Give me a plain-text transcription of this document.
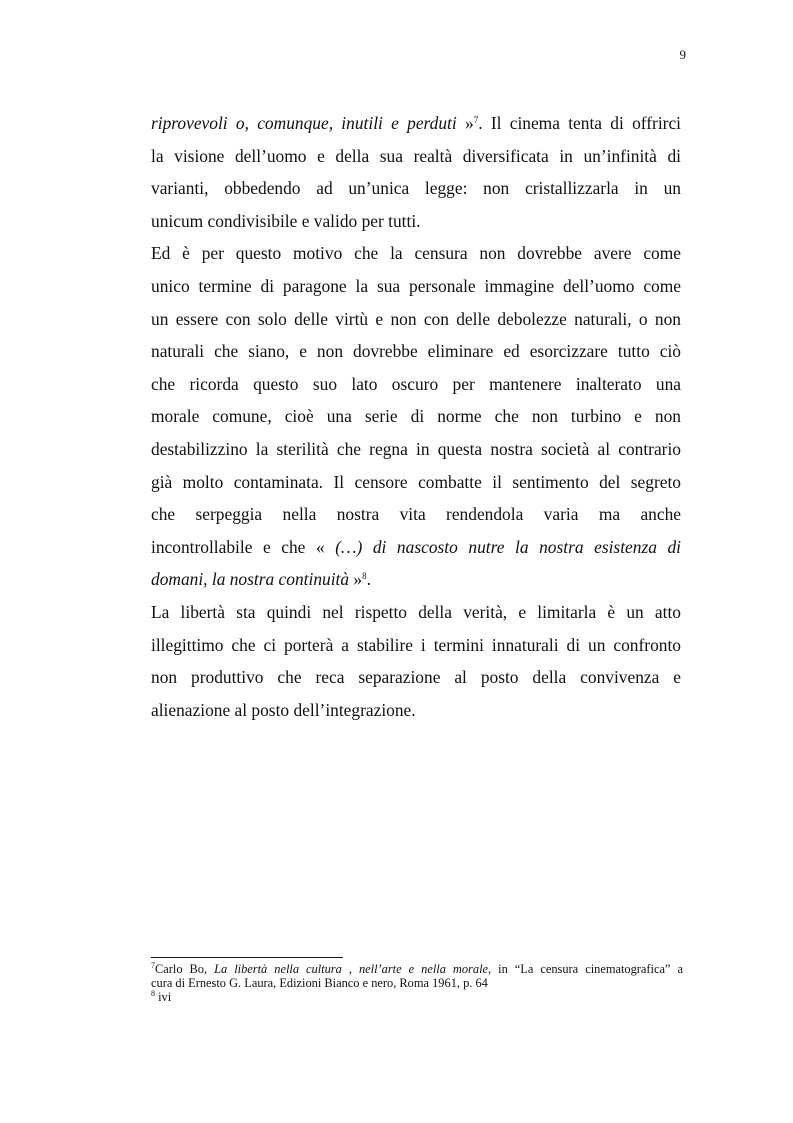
9
riprovevoli o, comunque, inutili e perduti »$^7$. Il cinema tenta di offrirci
la visione dell’uomo e della sua realtà diversificata in un’infinità di
varianti, obbedendo ad un’unica legge: non cristallizzarla in un
unicum condivisibile e valido per tutti.
Ed è per questo motivo che la censura non dovrebbe avere come
unico termine di paragone la sua personale immagine dell’uomo come
un essere con solo delle virtù e non con delle debolezze naturali, o non
naturali che siano, e non dovrebbe eliminare ed esorcizzare tutto ciò
che ricorda questo suo lato oscuro per mantenere inalterato una
morale comune, cioè una serie di norme che non turbino e non
destabilizzino la sterilità che regna in questa nostra società al contrario
già molto contaminata. Il censore combatte il sentimento del segreto
che serpeggia nella nostra vita rendendola varia ma anche
incontrollabile e che « (…) di nascosto nutre la nostra esistenza di
domani, la nostra continuità »$^8$.
La libertà sta quindi nel rispetto della verità, e limitarla è un atto
illegittimo che ci porterà a stabilire i termini innaturali di un confronto
non produttivo che reca separazione al posto della convivenza e
alienazione al posto dell’integrazione.

$^7$Carlo Bo, La libertà nella cultura , nell’arte e nella morale, in “La censura cinematografica” a

cura di Ernesto G. Laura, Edizioni Bianco e nero, Roma 1961, p. 64

$^8$ ivi
